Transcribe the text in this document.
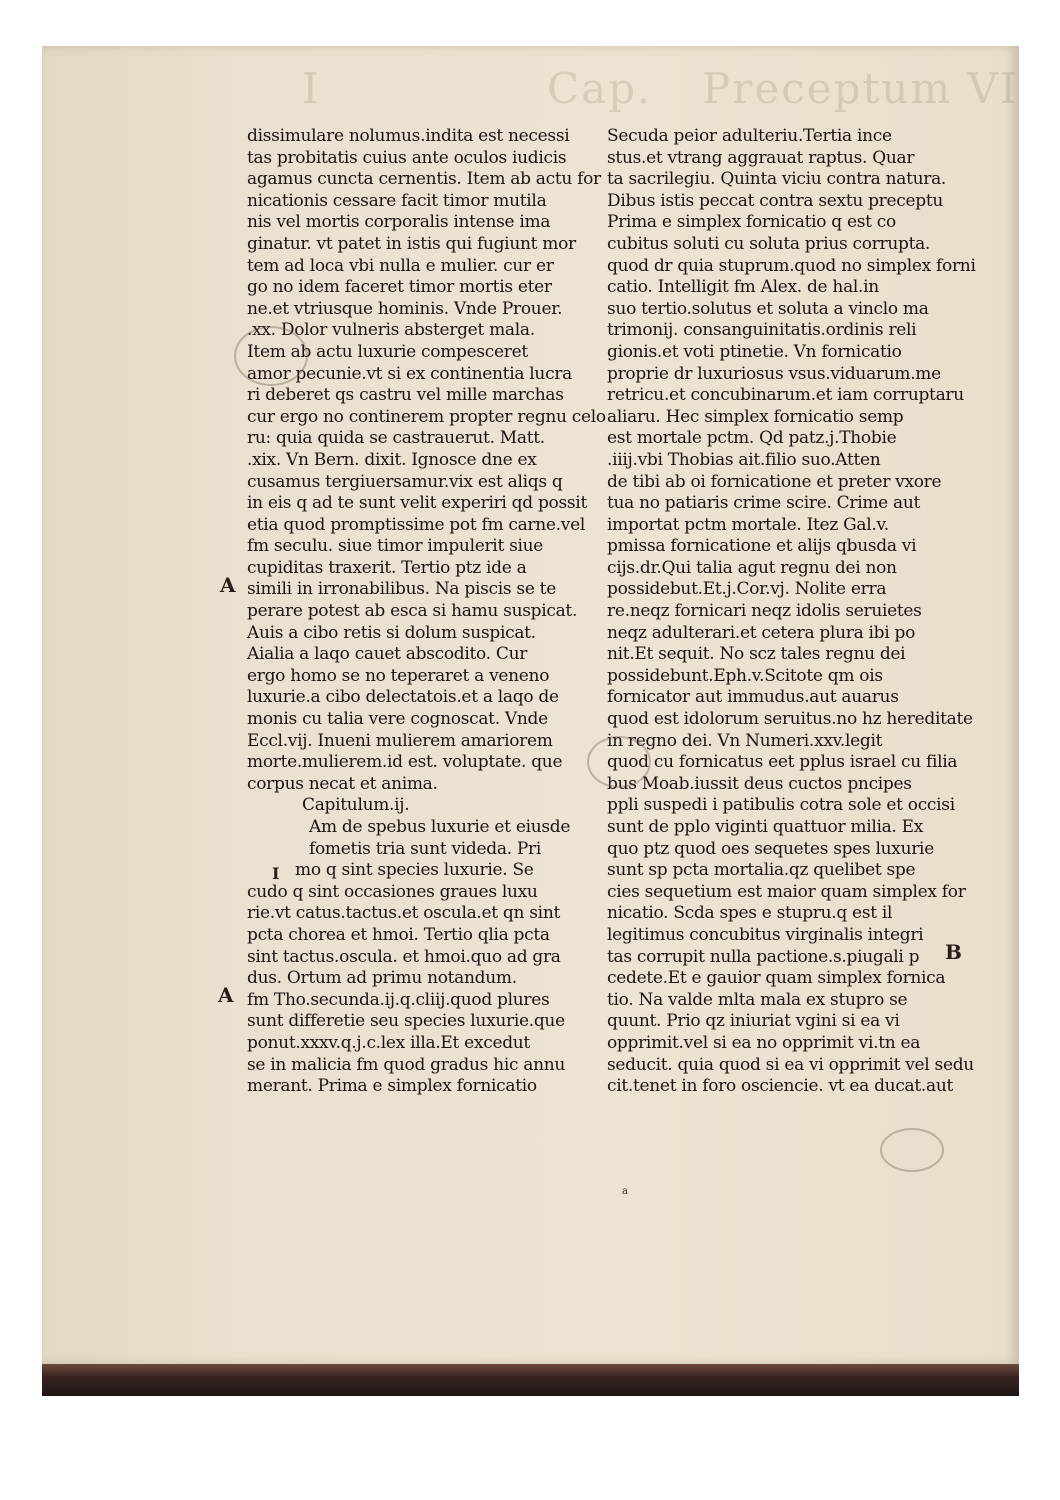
I	Cap. Preceptum VI
dissimulare nolumus.indita est necessi
tas probitatis cuius ante oculos iudicis
agamus cuncta cernentis. Item ab actu for
nicationis cessare facit timor mutila
nis vel mortis corporalis intense ima
ginatur. vt patet in istis qui fugiunt mor
tem ad loca vbi nulla e mulier. cur er
go no idem faceret timor mortis eter
ne.et vtriusque hominis. Vnde Prouer.
.xx. Dolor vulneris absterget mala.
Item ab actu luxurie compesceret
amor pecunie.vt si ex continentia lucra
ri deberet qs castru vel mille marchas
cur ergo no continerem propter regnu celo
ru: quia quida se castrauerut. Matt.
.xix. Vn Bern. dixit. Ignosce dne ex
cusamus tergiuersamur.vix est aliqs q
in eis q ad te sunt velit experiri qd possit
etia quod promptissime pot fm carne.vel
fm seculu. siue timor impulerit siue
cupiditas traxerit. Tertio ptz ide a
simili in irronabilibus. Na piscis se te
perare potest ab esca si hamu suspicat.
Auis a cibo retis si dolum suspicat.
Aialia a laqo cauet abscodito. Cur
ergo homo se no teperaret a veneno
luxurie.a cibo delectatois.et a laqo de
monis cu talia vere cognoscat. Vnde
Eccl.vij. Inueni mulierem amariorem
morte.mulierem.id est. voluptate. que
corpus necat et anima.
Capitulum.ij.
Am de spebus luxurie et eiusde
fometis tria sunt videda. Pri
mo q sint species luxurie. Se
cudo q sint occasiones graues luxu
rie.vt catus.tactus.et oscula.et qn sint
pcta chorea et hmoi. Tertio qlia pcta
sint tactus.oscula. et hmoi.quo ad gra
dus. Ortum ad primu notandum.
fm Tho.secunda.ij.q.cliij.quod plures
sunt differetie seu species luxurie.que
ponut.xxxv.q.j.c.lex illa.Et excedut
se in malicia fm quod gradus hic annu
merant. Prima e simplex fornicatio
Secuda peior adulteriu.Tertia ince
stus.et vtrang aggrauat raptus. Quar
ta sacrilegiu. Quinta viciu contra natura.
Dibus istis peccat contra sextu preceptu
Prima e simplex fornicatio q est co
cubitus soluti cu soluta prius corrupta.
quod dr quia stuprum.quod no simplex forni
catio. Intelligit fm Alex. de hal.in
suo tertio.solutus et soluta a vinclo ma
trimonij. consanguinitatis.ordinis reli
gionis.et voti ptinetie. Vn fornicatio
proprie dr luxuriosus vsus.viduarum.me
retricu.et concubinarum.et iam corruptaru
aliaru. Hec simplex fornicatio semp
est mortale pctm. Qd patz.j.Thobie
.iiij.vbi Thobias ait.filio suo.Atten
de tibi ab oi fornicatione et preter vxore
tua no patiaris crime scire. Crime aut
importat pctm mortale. Itez Gal.v.
pmissa fornicatione et alijs qbusda vi
cijs.dr.Qui talia agut regnu dei non
possidebut.Et.j.Cor.vj. Nolite erra
re.neqz fornicari neqz idolis seruietes
neqz adulterari.et cetera plura ibi po
nit.Et sequit. No scz tales regnu dei
possidebunt.Eph.v.Scitote qm ois
fornicator aut immudus.aut auarus
quod est idolorum seruitus.no hz hereditate
in regno dei. Vn Numeri.xxv.legit
quod cu fornicatus eet pplus israel cu filia
bus Moab.iussit deus cuctos pncipes
ppli suspedi i patibulis cotra sole et occisi
sunt de pplo viginti quattuor milia. Ex
quo ptz quod oes sequetes spes luxurie
sunt sp pcta mortalia.qz quelibet spe
cies sequetium est maior quam simplex for
nicatio. Scda spes e stupru.q est il
legitimus concubitus virginalis integri
tas corrupit nulla pactione.s.piugali p
cedete.Et e gauior quam simplex fornica
tio. Na valde mlta mala ex stupro se
quunt. Prio qz iniuriat vgini si ea vi
opprimit.vel si ea no opprimit vi.tn ea
seducit. quia quod si ea vi opprimit vel sedu
cit.tenet in foro osciencie. vt ea ducat.aut
A
I
A
B
a
